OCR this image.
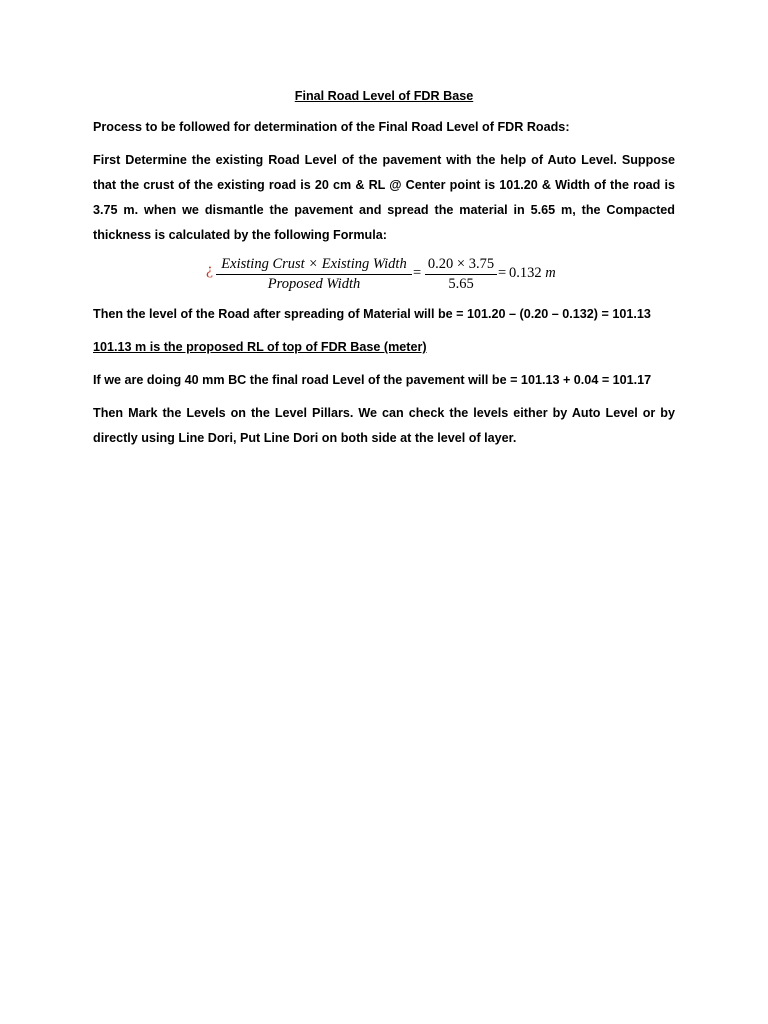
Final Road Level of FDR Base
Process to be followed for determination of the Final Road Level of FDR Roads:
First Determine the existing Road Level of the pavement with the help of Auto Level. Suppose that the crust of the existing road is 20 cm & RL @ Center point is 101.20 & Width of the road is 3.75 m. when we dismantle the pavement and spread the material in 5.65 m, the Compacted thickness is calculated by the following Formula:
¿ Existing Crust × Existing Width
Proposed Width
= $\frac{0.20 \times 3.75}{5.65} = 0.132$ m
Then the level of the Road after spreading of Material will be = 101.20 – (0.20 – 0.132) = 101.13
101.13 m is the proposed RL of top of FDR Base (meter)
If we are doing 40 mm BC the final road Level of the pavement will be = 101.13 + 0.04 = 101.17
Then Mark the Levels on the Level Pillars. We can check the levels either by Auto Level or by directly using Line Dori, Put Line Dori on both side at the level of layer.
